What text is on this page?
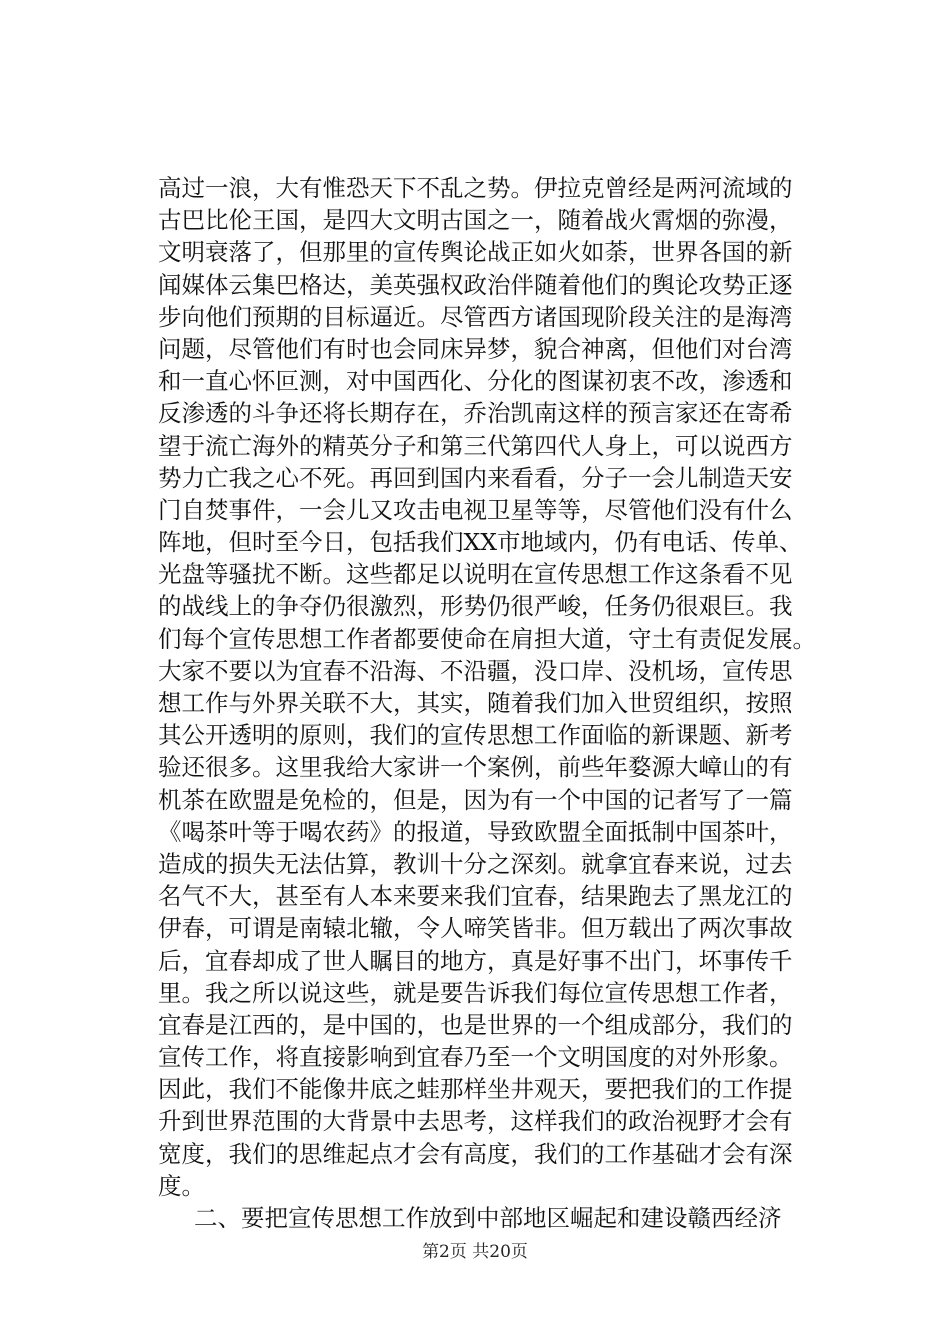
高过一浪，大有惟恐天下不乱之势。伊拉克曾经是两河流域的
古巴比伦王国，是四大文明古国之一，随着战火霄烟的弥漫，
文明衰落了，但那里的宣传舆论战正如火如荼，世界各国的新
闻媒体云集巴格达，美英强权政治伴随着他们的舆论攻势正逐
步向他们预期的目标逼近。尽管西方诸国现阶段关注的是海湾
问题，尽管他们有时也会同床异梦，貌合神离，但他们对台湾
和一直心怀叵测，对中国西化、分化的图谋初衷不改，渗透和
反渗透的斗争还将长期存在，乔治凯南这样的预言家还在寄希
望于流亡海外的精英分子和第三代第四代人身上，可以说西方
势力亡我之心不死。再回到国内来看看，分子一会儿制造天安
门自焚事件，一会儿又攻击电视卫星等等，尽管他们没有什么
阵地，但时至今日，包括我们XX市地域内，仍有电话、传单、
光盘等骚扰不断。这些都足以说明在宣传思想工作这条看不见
的战线上的争夺仍很激烈，形势仍很严峻，任务仍很艰巨。我
们每个宣传思想工作者都要使命在肩担大道，守土有责促发展。
大家不要以为宜春不沿海、不沿疆，没口岸、没机场，宣传思
想工作与外界关联不大，其实，随着我们加入世贸组织，按照
其公开透明的原则，我们的宣传思想工作面临的新课题、新考
验还很多。这里我给大家讲一个案例，前些年婺源大嶂山的有
机茶在欧盟是免检的，但是，因为有一个中国的记者写了一篇
《喝茶叶等于喝农药》的报道，导致欧盟全面抵制中国茶叶，
造成的损失无法估算，教训十分之深刻。就拿宜春来说，过去
名气不大，甚至有人本来要来我们宜春，结果跑去了黑龙江的
伊春，可谓是南辕北辙，令人啼笑皆非。但万载出了两次事故
后，宜春却成了世人瞩目的地方，真是好事不出门，坏事传千
里。我之所以说这些，就是要告诉我们每位宣传思想工作者，
宜春是江西的，是中国的，也是世界的一个组成部分，我们的
宣传工作，将直接影响到宜春乃至一个文明国度的对外形象。
因此，我们不能像井底之蛙那样坐井观天，要把我们的工作提
升到世界范围的大背景中去思考，这样我们的政治视野才会有
宽度，我们的思维起点才会有高度，我们的工作基础才会有深
度。
二、要把宣传思想工作放到中部地区崛起和建设赣西经济
第2页 共20页
